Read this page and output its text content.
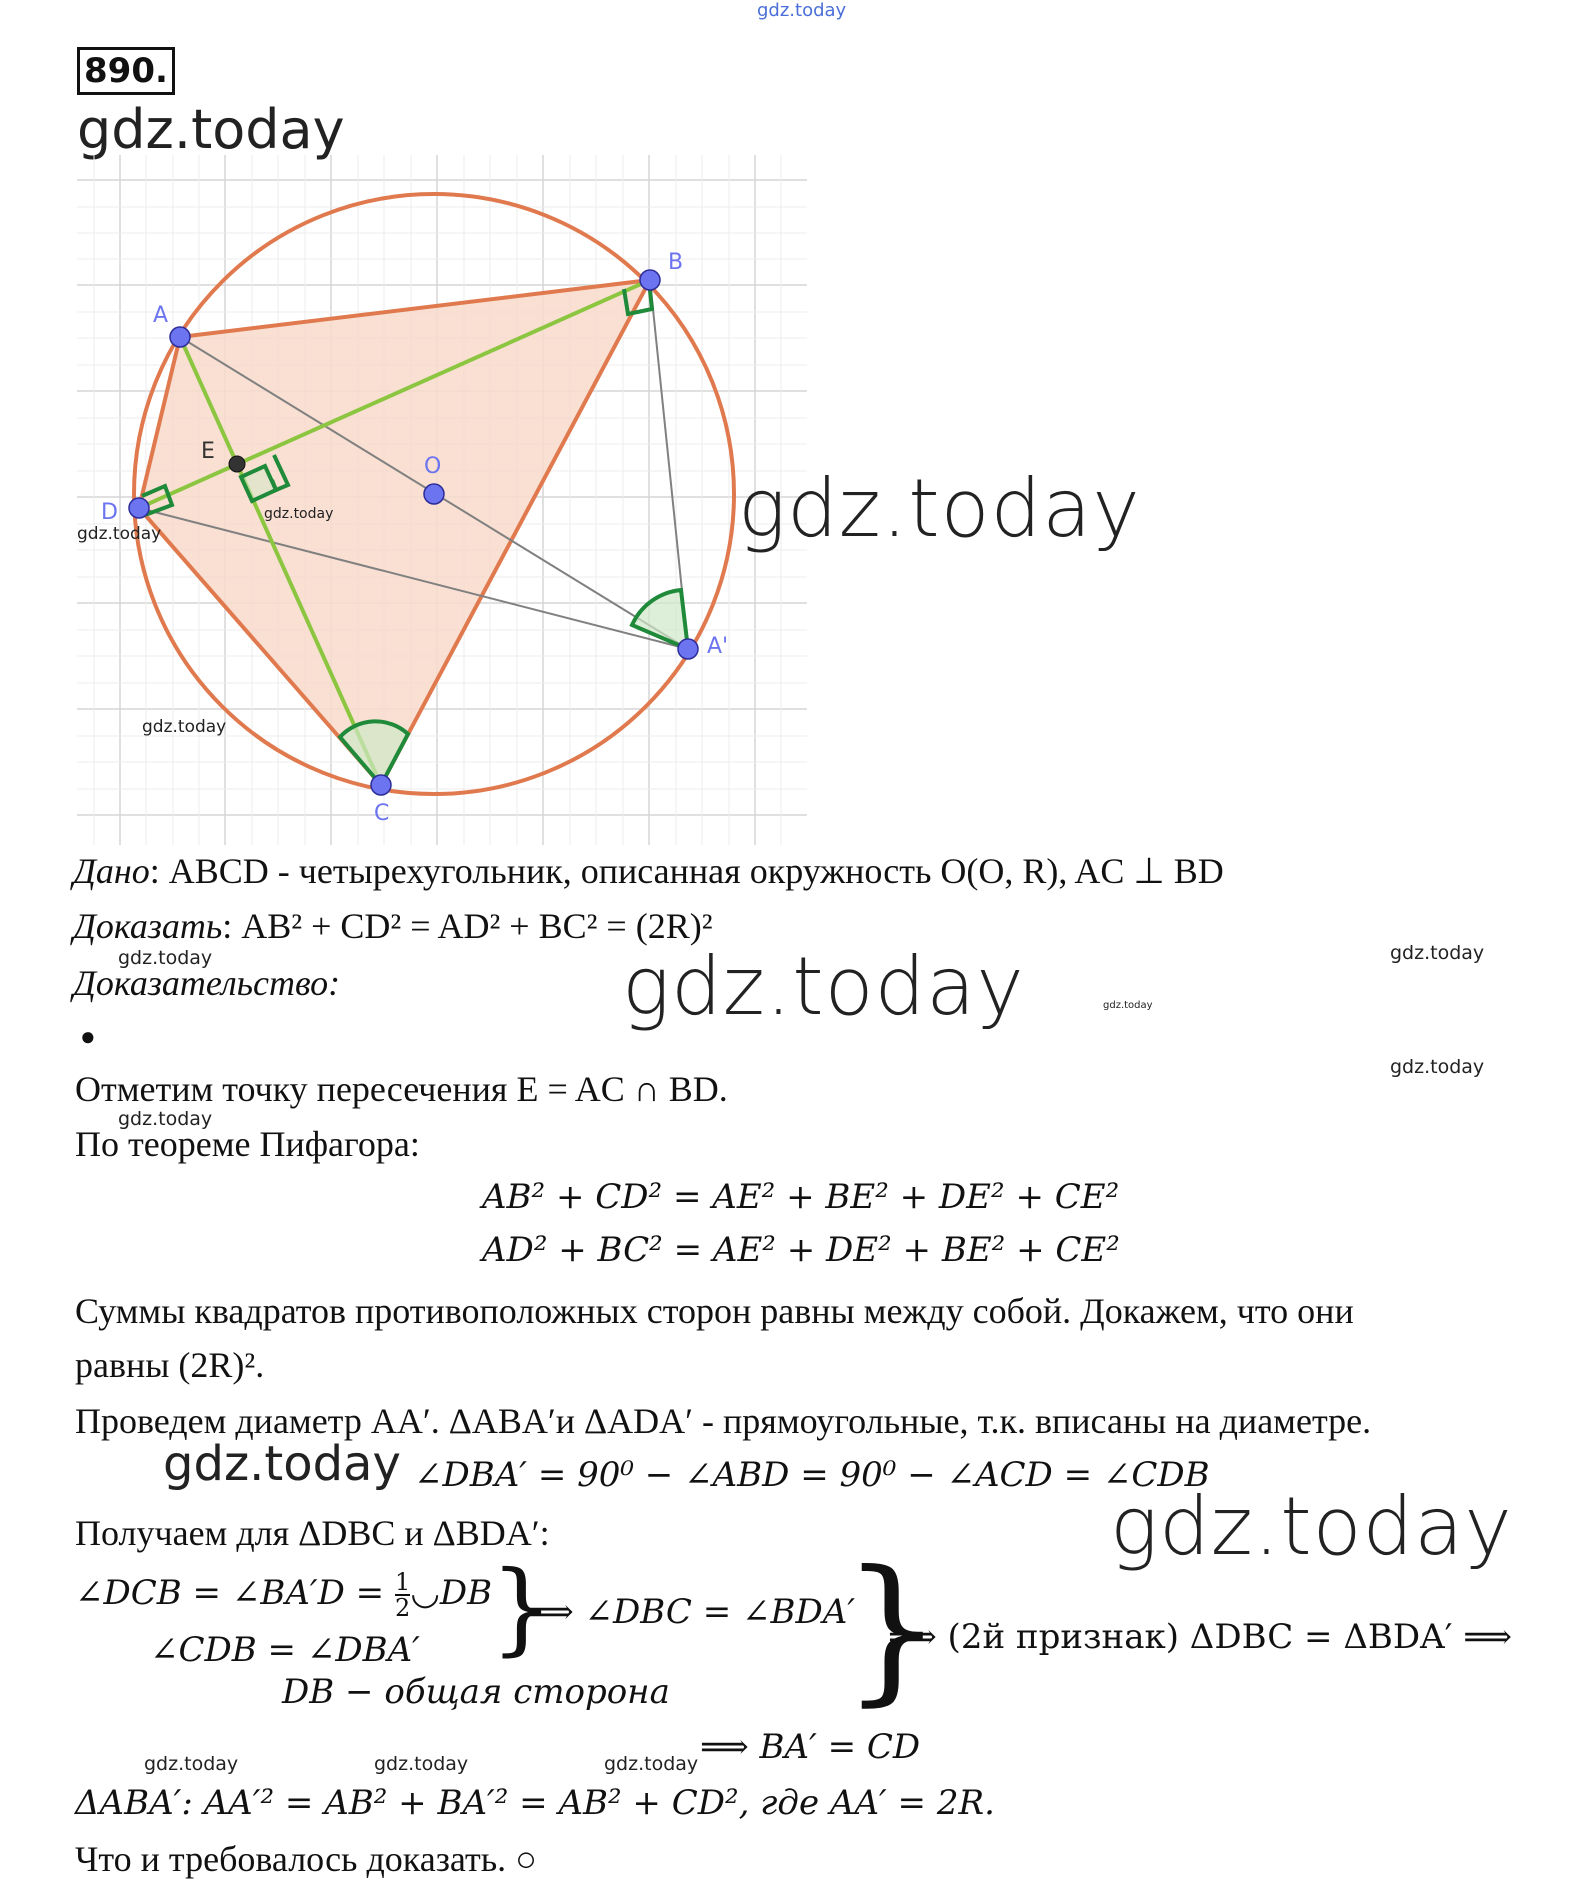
gdz.today
890.
gdz.today
A
B
C
D
O
A'
E
gdz.today
gdz.today
gdz.today
gdz.today
Дано: ABCD - четырехугольник, описанная окружность O(O, R), AC ⊥ BD
Доказать: AB² + CD² = AD² + BC² = (2R)²
gdz.today	gdz.today
Доказательство:	gdz.today
●
gdz.today
Отметим точку пересечения E = AC ∩ BD.
gdz.today
По теореме Пифагора:
AB² + CD² = AE² + BE² + DE² + CE²
AD² + BC² = AE² + DE² + BE² + CE²
Суммы квадратов противоположных сторон равны между собой. Докажем, что они
равны (2R)².
Проведем диаметр AA′. ΔABA′и ΔADA′ - прямоугольные, т.к. вписаны на диаметре.
gdz.today ∠DBA′ = 90⁰ − ∠ABD = 90⁰ − ∠ACD = ∠CDB
gdz.today
Получаем для ΔDBC и ΔBDA′:
∠DCB = ∠BA′D = $\frac{1}{2}$ ◡DB
}
⟹ ∠DBC = ∠BDA′
}
∠CDB = ∠DBA′
DB − общая сторона
⟹ (2й признак) ΔDBC = ΔBDA′ ⟹
gdz.today	gdz.today	gdz.today ⟹ BA′ = CD
ΔABA′: AA′² = AB² + BA′² = AB² + CD², где AA′ = 2R.
Что и требовалось доказать. ○
gdz.today
